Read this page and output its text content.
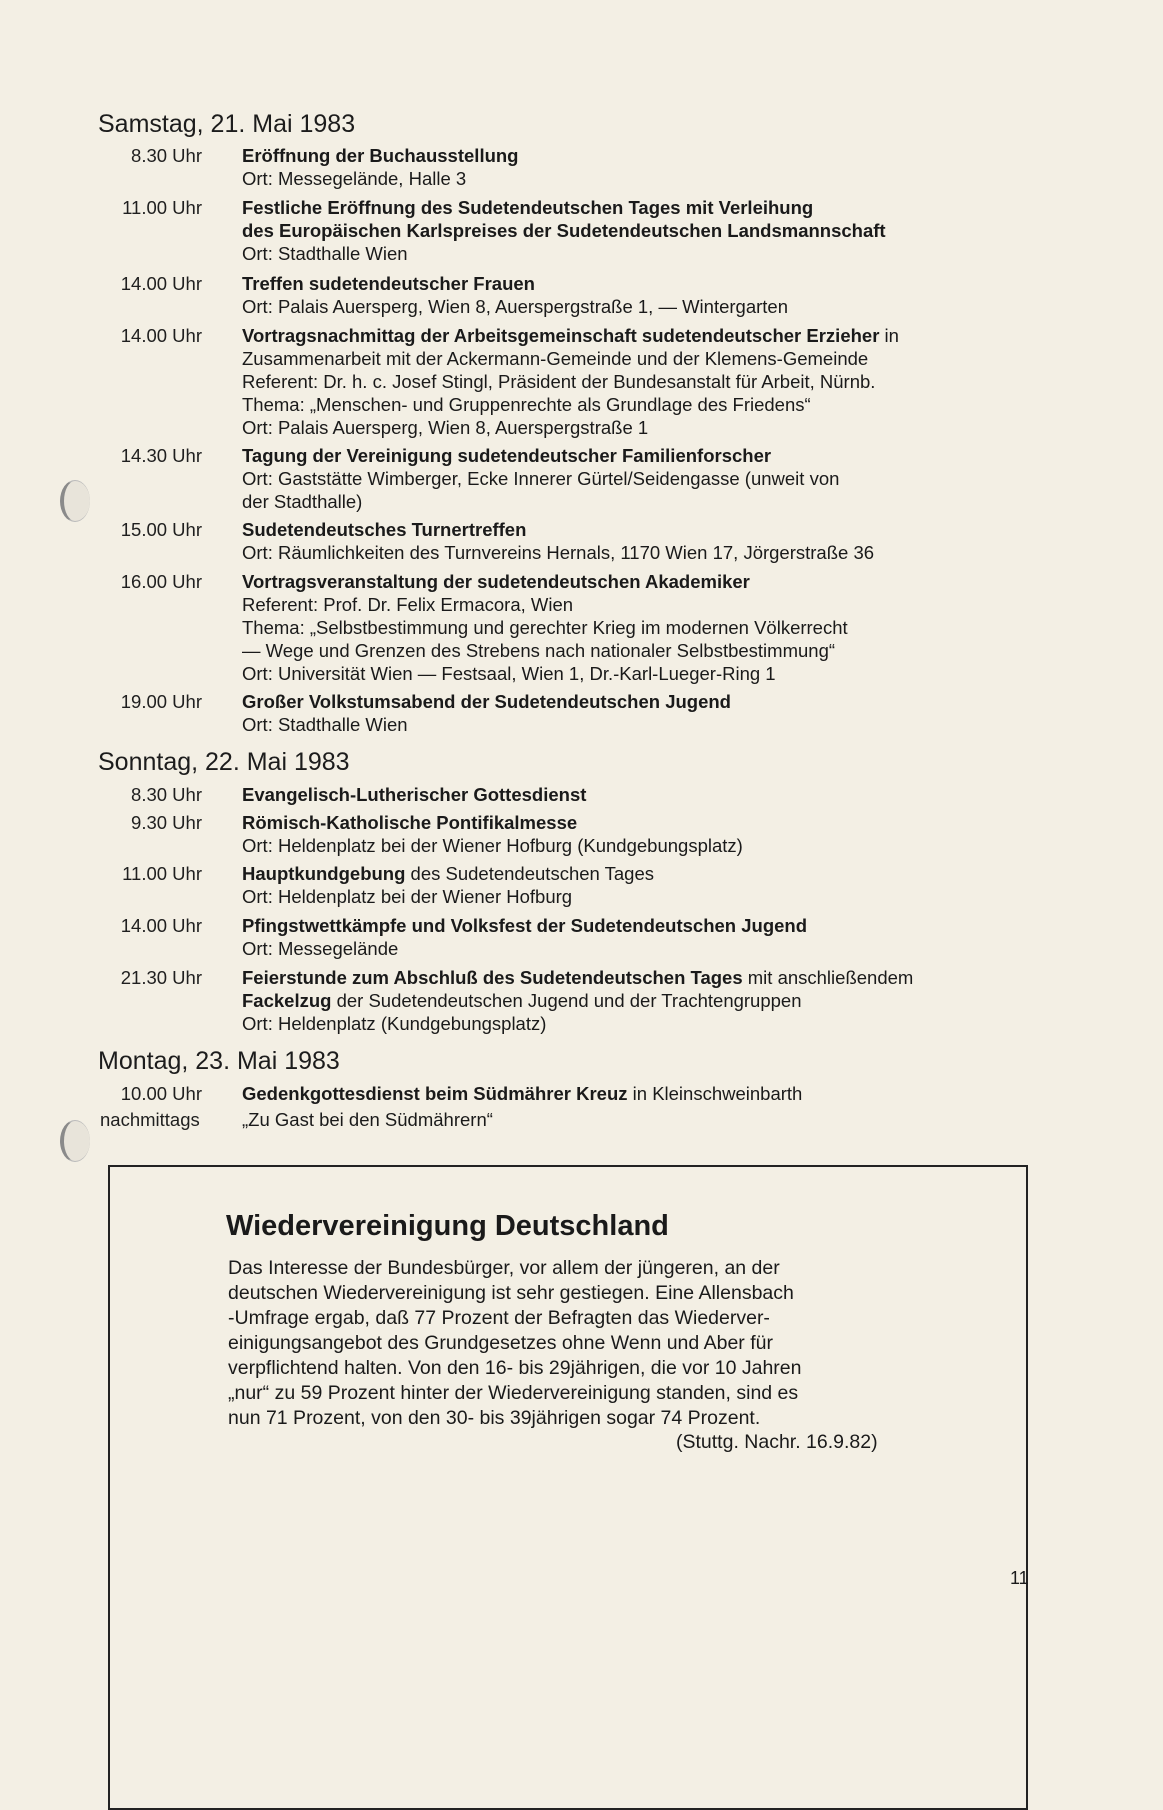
Samstag, 21. Mai 1983
8.30 Uhr Eröffnung der Buchausstellung
Ort: Messegelände, Halle 3
11.00 Uhr Festliche Eröffnung des Sudetendeutschen Tages mit Verleihung
des Europäischen Karlspreises der Sudetendeutschen Landsmannschaft
Ort: Stadthalle Wien
14.00 Uhr Treffen sudetendeutscher Frauen
Ort: Palais Auersperg, Wien 8, Auerspergstraße 1, — Wintergarten
14.00 Uhr Vortragsnachmittag der Arbeitsgemeinschaft sudetendeutscher Erzieher in
Zusammenarbeit mit der Ackermann-Gemeinde und der Klemens-Gemeinde
Referent: Dr. h. c. Josef Stingl, Präsident der Bundesanstalt für Arbeit, Nürnb.
Thema: „Menschen- und Gruppenrechte als Grundlage des Friedens“
Ort: Palais Auersperg, Wien 8, Auerspergstraße 1
14.30 Uhr Tagung der Vereinigung sudetendeutscher Familienforscher
Ort: Gaststätte Wimberger, Ecke Innerer Gürtel/Seidengasse (unweit von
der Stadthalle)
15.00 Uhr Sudetendeutsches Turnertreffen
Ort: Räumlichkeiten des Turnvereins Hernals, 1170 Wien 17, Jörgerstraße 36
16.00 Uhr Vortragsveranstaltung der sudetendeutschen Akademiker
Referent: Prof. Dr. Felix Ermacora, Wien
Thema: „Selbstbestimmung und gerechter Krieg im modernen Völkerrecht
— Wege und Grenzen des Strebens nach nationaler Selbstbestimmung“
Ort: Universität Wien — Festsaal, Wien 1, Dr.-Karl-Lueger-Ring 1
19.00 Uhr Großer Volkstumsabend der Sudetendeutschen Jugend
Ort: Stadthalle Wien
Sonntag, 22. Mai 1983
8.30 Uhr Evangelisch-Lutherischer Gottesdienst
9.30 Uhr Römisch-Katholische Pontifikalmesse
Ort: Heldenplatz bei der Wiener Hofburg (Kundgebungsplatz)
11.00 Uhr Hauptkundgebung des Sudetendeutschen Tages
Ort: Heldenplatz bei der Wiener Hofburg
14.00 Uhr Pfingstwettkämpfe und Volksfest der Sudetendeutschen Jugend
Ort: Messegelände
21.30 Uhr Feierstunde zum Abschluß des Sudetendeutschen Tages mit anschließendem
Fackelzug der Sudetendeutschen Jugend und der Trachtengruppen
Ort: Heldenplatz (Kundgebungsplatz)
Montag, 23. Mai 1983
10.00 Uhr Gedenkgottesdienst beim Südmährer Kreuz in Kleinschweinbarth
nachmittags	„Zu Gast bei den Südmährern“
Wiedervereinigung Deutschland
Das Interesse der Bundesbürger, vor allem der jüngeren, an der
deutschen Wiedervereinigung ist sehr gestiegen. Eine Allensbach
-Umfrage ergab, daß 77 Prozent der Befragten das Wiederver-
einigungsangebot des Grundgesetzes ohne Wenn und Aber für
verpflichtend halten. Von den 16- bis 29jährigen, die vor 10 Jahren
„nur“ zu 59 Prozent hinter der Wiedervereinigung standen, sind es
nun 71 Prozent, von den 30- bis 39jährigen sogar 74 Prozent.
(Stuttg. Nachr. 16.9.82)
11
